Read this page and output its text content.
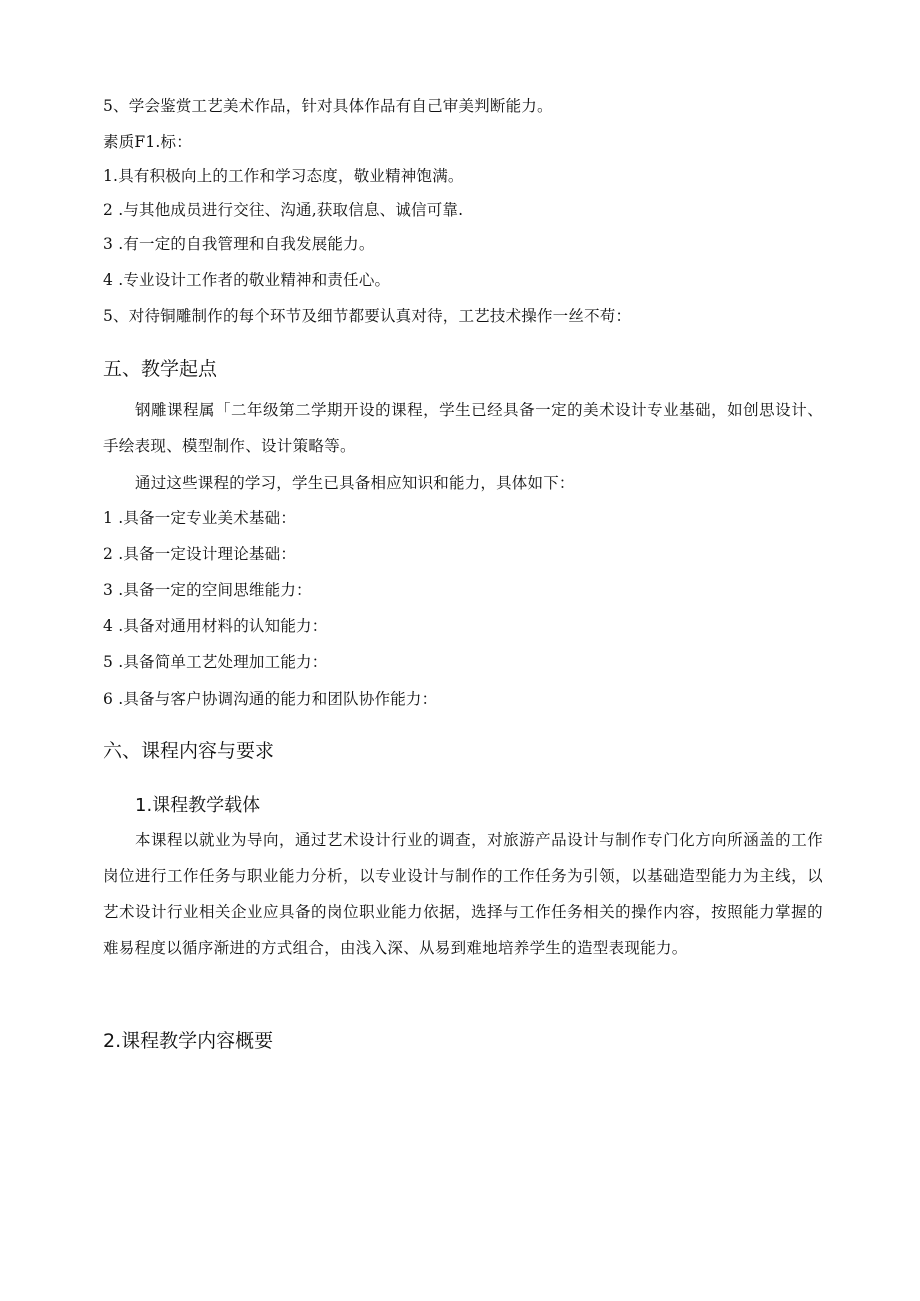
5、学会鉴赏工艺美术作品，针对具体作品有自己审美判断能力。
素质F1.标：
1.具有积极向上的工作和学习态度，敬业精神饱满。
2 .与其他成员进行交往、沟通,获取信息、诚信可靠.
3 .有一定的自我管理和自我发展能力。
4 .专业设计工作者的敬业精神和责任心。
5、对待铜雕制作的每个环节及细节都要认真对待，工艺技术操作一丝不苟：
五、教学起点
钢雕课程属「二年级第二学期开设的课程，学生已经具备一定的美术设计专业基础，如创思设计、手绘表现、模型制作、设计策略等。
通过这些课程的学习，学生已具备相应知识和能力，具体如下：
1 .具备一定专业美术基础：
2 .具备一定设计理论基础：
3 .具备一定的空间思维能力：
4 .具备对通用材料的认知能力：
5 .具备简单工艺处理加工能力：
6 .具备与客户协调沟通的能力和团队协作能力：
六、课程内容与要求
1.课程教学载体
本课程以就业为导向，通过艺术设计行业的调查，对旅游产品设计与制作专门化方向所涵盖的工作岗位进行工作任务与职业能力分析，以专业设计与制作的工作任务为引领，以基础造型能力为主线，以艺术设计行业相关企业应具备的岗位职业能力依据，选择与工作任务相关的操作内容，按照能力掌握的难易程度以循序渐进的方式组合，由浅入深、从易到难地培养学生的造型表现能力。
2.课程教学内容概要
